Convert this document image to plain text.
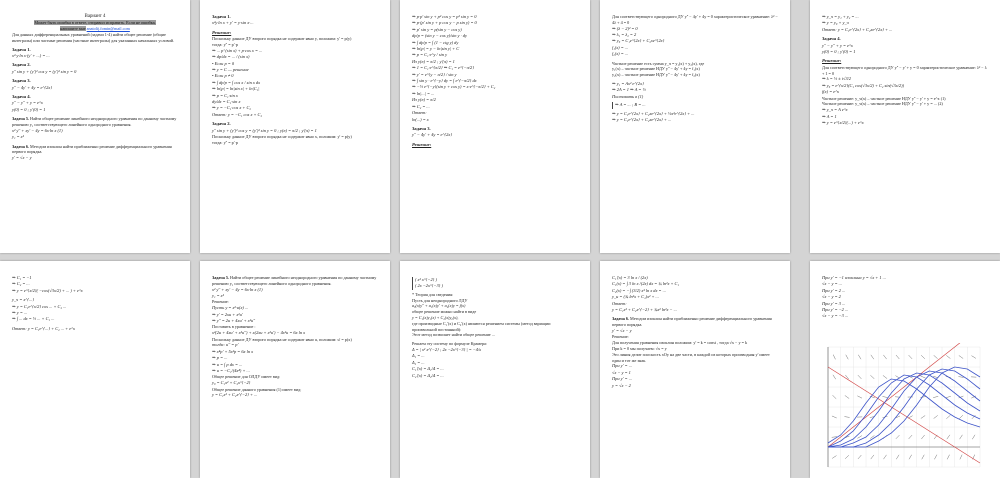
Вариант 4
Может быть ошибка в ответе, отправил исправить. Если не ошибка,
напишите мне anatolij.fomin@mail.com
Для данных дифференциальных уравнений (задачи 1-4) найти общее решение (общие интегралы) или частные решения (частные интегралы) для указанных начальных условий.
Задача 1.
x²·y·ln x·(y' + ...) = ...
Задача 2.
y'' sin y + (y')² cos y = (y')² sin y = 0
Задача 3.
y'' − 4y' + 4y = e^{2x}
Задача 4.
y'' − y'' + y = e^x
y(0) = 0 ; y'(0) = 1
Задача 5. Найти общее решение линейного неоднородного уравнения по данному частному решению y₁ соответствующего линейного однородного уравнения.
x² y'' + xy' − 4y = 6x·ln x (1)
y₁ = x²
Задача 6. Методом изоклин найти приближенно решение дифференциального уравнения первого порядка.
y' = √x − y
Задача 1.
x²y·ln x + y' = y·sin x·...
Решение:
Поскольку данное ДУ второго порядка не содержит явно y, положим: y' = p(y)
тогда: y'' = p'·p
⇒ ... p'·(sin x) + p·cos x = ...
⇒ dp/dx = ... / (sin x)
• Если p = 0
⇒ y = C — решение
• Если p ≠ 0
⇒ ∫ dp/p = ∫ cos x / sin x dx
⇒ ln|p| = ln|sin x| + ln|C₁|
⇒ p = C₁·sin x
dy/dx = C₁·sin x
⇒ y = −C₁·cos x + C₂
Ответ: y = −C₁ cos x + C₂
Задача 2.
y'' sin y + (y')² cos y = (y')² sin y = 0 ; y(π) = π/2 ; y'(π) = 1
Поскольку данное ДУ второго порядка не содержит явно x, положим: y' = p(y)
тогда: y'' = p'·p
⇒ p·p' sin y + p² cos y = p² sin y = 0
⇒ p·(p' sin y + p cos y − p sin y) = 0
⇒ p' sin y = p(sin y − cos y)
dp/p = (sin y − cos y)/sin y · dy
⇒ ∫ dp/p = ∫ (1 − ctg y) dy
⇒ ln|p| = y − ln|sin y| + C
⇒ p = C₁·e^y / sin y
Из y(π) = π/2 ; y'(π) = 1
⇒ 1 = C₁·e^{π/2} ⇒ C₁ = e^{−π/2}
⇒ y' = e^{y − π/2} / sin y
⇒ ∫ sin y · e^{−y} dy = ∫ e^{−π/2} dx
⇒ −½ e^{−y}(sin y + cos y) = x·e^{−π/2} + C₂
⇒ ln|...| = ...
Из y(π) = π/2
⇒ C₂ = ...
Ответ:
ln(...) = x
Задача 3.
y'' − 4y' + 4y = e^{2x}
Решение:
Для соответствующего однородного ДУ y'' − 4y' + 4y = 0 характеристическое уравнение: λ² − 4λ + 4 = 0
⇒ (λ − 2)² = 0
⇒ λ₁ = λ₂ = 2
⇒ y₀ = C₁e^{2x} + C₂xe^{2x}
f₁(x) = ...
f₂(x) = ...
Частное решение есть сумма y_ч = y₁(x) + y₂(x), где
y₁(x) – частное решение НДУ y'' − 4y' + 4y = f₁(x)
y₂(x) – частное решение НДУ y'' − 4y' + 4y = f₂(x)
⇒ y₁ = Ax² e^{2x}
⇒ 2A = 1 ⇒ A = ½
Поставить в (1)
⇒ A = ... ; B = ...
⇒ y = C₁e^{2x} + C₂xe^{2x} + ½x²e^{2x} + ...
⇒ y = C₁e^{2x} + C₂xe^{2x} + ...
⇒ y_ч = y₁ + y₂ = ...
⇒ y = y₀ + y_ч
Ответ: y = C₁e^{2x} + C₂xe^{2x} + ...
Задача 4.
y'' − y'' + y = e^x
y(0) = 0 ; y'(0) = 1
Решение:
Для соответствующего однородного ДУ y'' − y' + y = 0 характеристическое уравнение: λ² − λ + 1 = 0
⇒ λ = ½ ± i√3/2
⇒ y₀ = e^{x/2}(C₁ cos(√3x/2) + C₂ sin(√3x/2))
f(x) = e^x
Частное решение: y_ч(x) – частное решение НДУ y'' − y' + y = e^x (1)
Частное решение: y_ч(x) – частное решение НДУ y'' − y' + y = ... (2)
⇒ y_ч = A e^x
⇒ A = 1
⇒ y = e^{x/2}(...) + e^x
⇒ C₁ = −1
⇒ C₂ = ...
⇒ y = e^{x/2}( −cos(√3x/2) + ... ) + e^x
y_ч = x^{...}
⇒ y = C₁e^{x/2} cos ... + C₂ ...
⇒ y = ...
⇒ ∫ ... dx = ½ ... + C₁ ...
Ответ: y = C₁e^{...} + C₂ ... + e^x
Задача 5. Найти общее решение линейного неоднородного уравнения по данному частному решению y₁ соответствующего линейного однородного уравнения.
x² y'' + xy' − 4y = 6x·ln x (1)
y₁ = x²
Решение:
Пусть y = x²·u(x) ...
⇒ y' = 2xu + x²u'
⇒ y'' = 2u + 4xu' + x²u''
Поставить в уравнение :
x²(2u + 4xu' + x²u'') + x(2xu + x²u') − 4x²u = 6x ln x
Поскольку данное ДУ второго порядка не содержит явно u, положим: u' = p(x)
тогда: u'' = p'
⇒ x⁴p' + 5x³p = 6x ln x
⇒ p = ...
⇒ u = ∫ p dx = ...
⇒ u = −C₁/(4x⁴) + ...
Общее решение для ОЛДУ имеет вид:
y₀ = C₁x² + C₂x^{−2}
Общее решение данного уравнения (1) имеет вид:
y = C₁x² + C₂x^{−2} + ...
( x² x^{−2} )
( 2x −2x^{−3} )
* Теория для сведения:
Пусть для неоднородного ЛДУ
a₀(x)y'' + a₁(x)y' + a₂(x)y = f(x)
общее решение можно найти в виде
y = C₁(x)y₁(x) + C₂(x)y₂(x),
где производные C₁'(x) и C₂'(x) являются решением системы (метод вариации
произвольной постоянной):
Этот метод позволяет найти общее решение ...
Решаем эту систему по формуле Крамера:
Δ = | x² x^{−2} ; 2x −2x^{−3} | = −4/x
Δ₁ = ...
Δ₂ = ...
C₁'(x) = Δ₁/Δ = ...
C₂'(x) = Δ₂/Δ = ...
C₁'(x) = 3 ln x / (2x)
C₁(x) = ∫ 3 ln x /(2x) dx = ¾ ln²x + C₁
C₂(x) = −∫ (3/2) x³ ln x dx = ...
y_н = (¾ ln²x + C₁)x² + ...
Ответ:
y = C₁x² + C₂x^{−2} + ¾x² ln²x − ...
Задача 6. Методом изоклин найти приближенно решение дифференциального уравнения первого порядка.
y' = √x − y
Решение:
Для получения уравнения изоклин положим: y' = k = const , тогда √x − y = k
При k = 0 мы получаем: √x = y
Это линия делит плоскость xOy на две части, в каждой из которых производная y' имеет один и тот же знак.
При y' = ...
√x − y = 1
При y' = ...
y = √x − 2
При y' = −1 изоклина y = √x + 1 ...
√x − y = ...
При y' = 2 ...
√x − y = 2
При y' = 3 ...
При y' = −2 ...
√x − y = −3 ...
